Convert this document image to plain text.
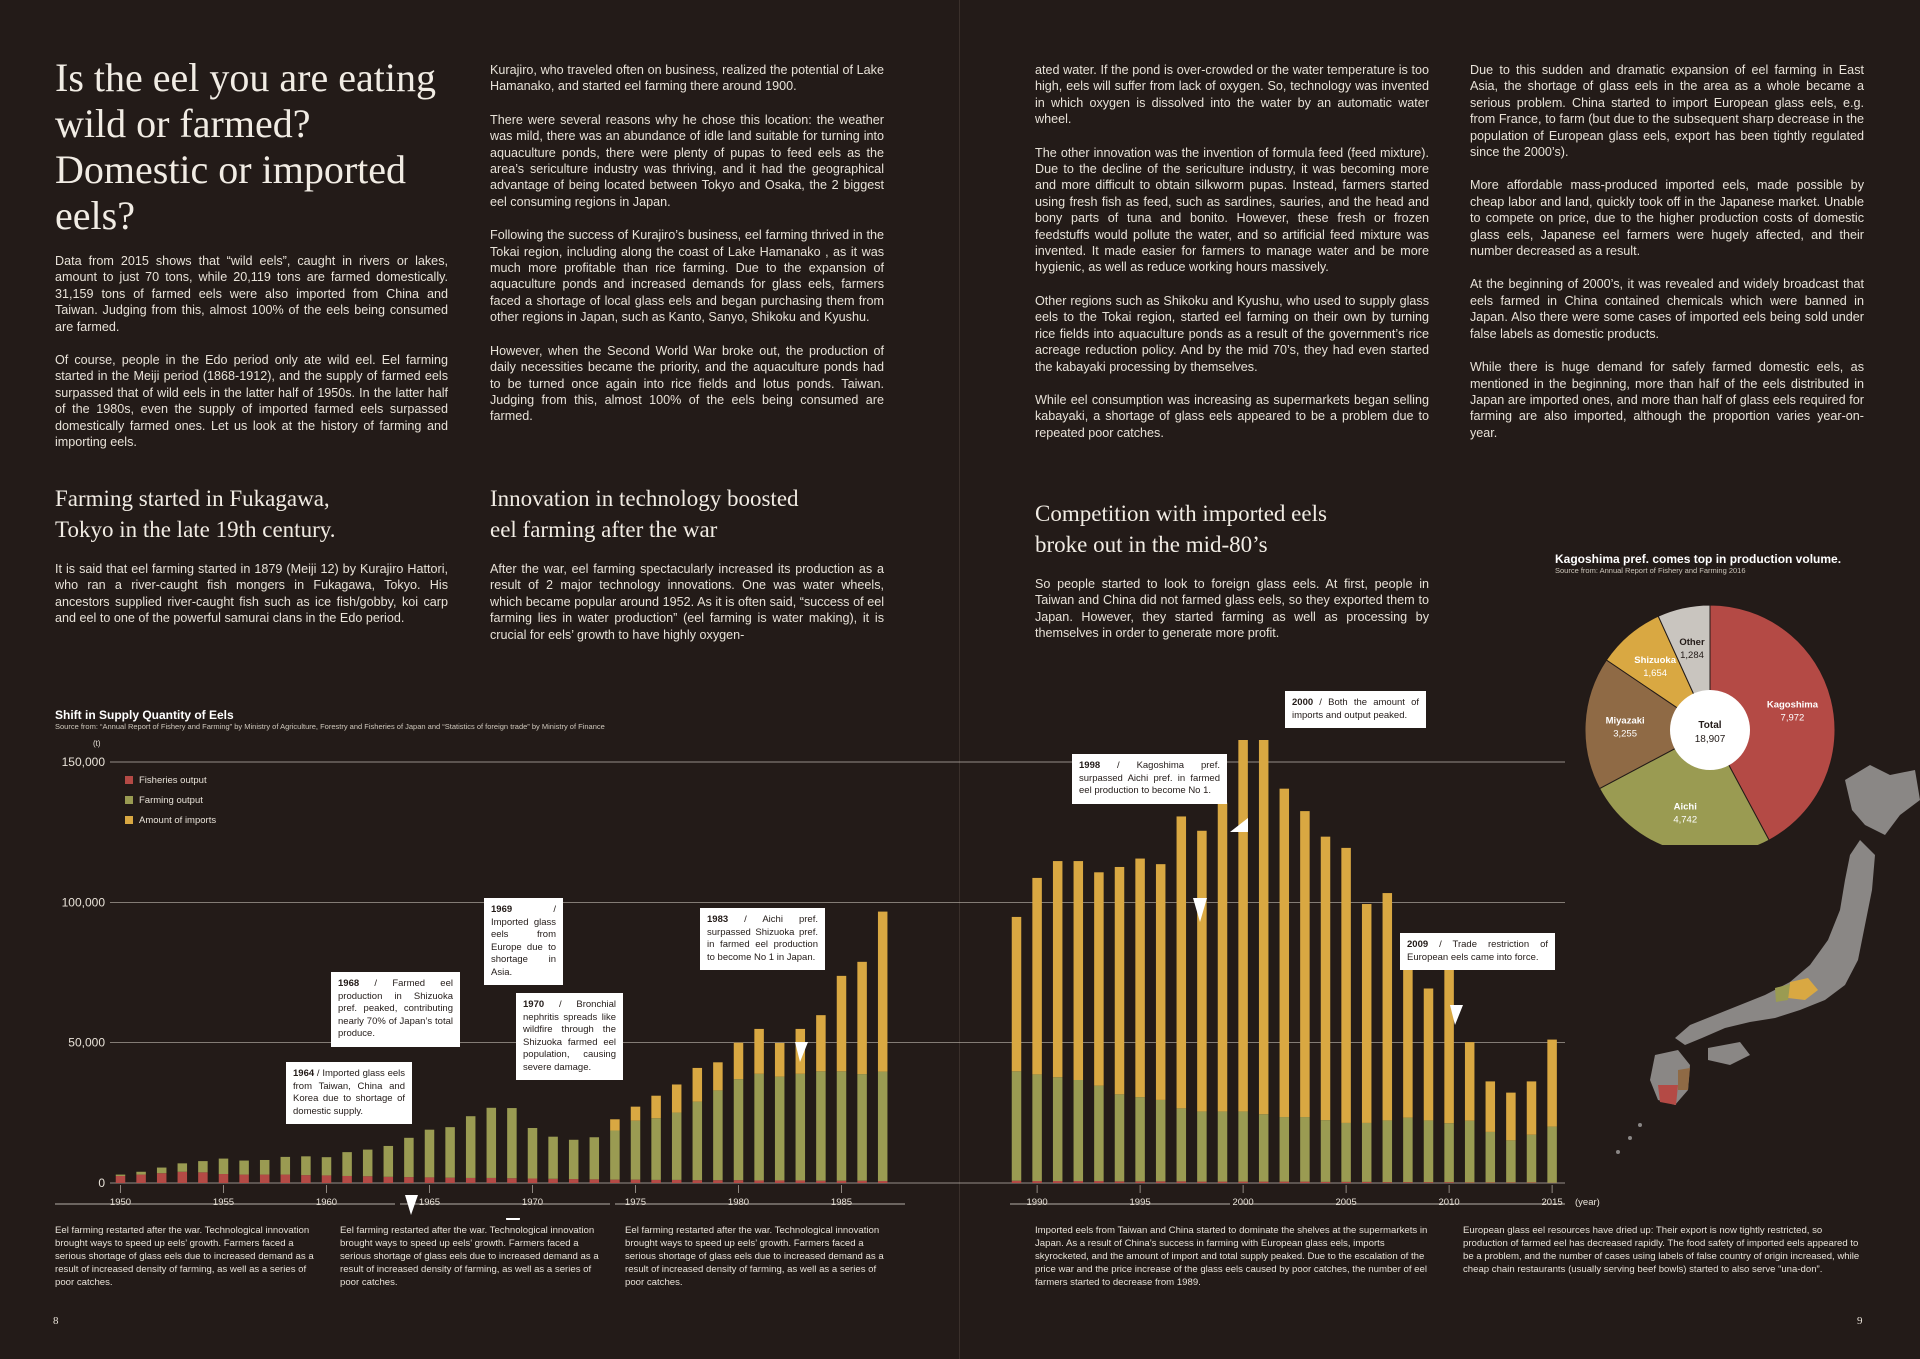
Is the eel you are eating wild or farmed? Domestic or imported eels?

Data from 2015 shows that “wild eels”, caught in rivers or lakes, amount to just 70 tons, while 20,119 tons are farmed domestically. 31,159 tons of farmed eels were also imported from China and Taiwan. Judging from this, almost 100% of the eels being consumed are farmed.

Of course, people in the Edo period only ate wild eel. Eel farming started in the Meiji period (1868-1912), and the supply of farmed eels surpassed that of wild eels in the latter half of 1950s. In the latter half of the 1980s, even the supply of imported farmed eels surpassed domestically farmed ones. Let us look at the history of farming and importing eels.

Farming started in Fukagawa, Tokyo in the late 19th century.

It is said that eel farming started in 1879 (Meiji 12) by Kurajiro Hattori, who ran a river-caught fish mongers in Fukagawa, Tokyo. His ancestors supplied river-caught fish such as ice fish/gobby, koi carp and eel to one of the powerful samurai clans in the Edo period.

Kurajiro, who traveled often on business, realized the potential of Lake Hamanako, and started eel farming there around 1900.

There were several reasons why he chose this location: the weather was mild, there was an abundance of idle land suitable for turning into aquaculture ponds, there were plenty of pupas to feed eels as the area’s sericulture industry was thriving, and it had the geographical advantage of being located between Tokyo and Osaka, the 2 biggest eel consuming regions in Japan.

Following the success of Kurajiro’s business, eel farming thrived in the Tokai region, including along the coast of Lake Hamanako , as it was much more profitable than rice farming. Due to the expansion of aquaculture ponds and increased demands for glass eels, farmers faced a shortage of local glass eels and began purchasing them from other regions in Japan, such as Kanto, Sanyo, Shikoku and Kyushu.

However, when the Second World War broke out, the production of daily necessities became the priority, and the aquaculture ponds had to be turned once again into rice fields and lotus ponds. Taiwan. Judging from this, almost 100% of the eels being consumed are farmed.

Innovation in technology boosted eel farming after the war

After the war, eel farming spectacularly increased its production as a result of 2 major technology innovations. One was water wheels, which became popular around 1952. As it is often said, “success of eel farming lies in water production” (eel farming is water making), it is crucial for eels’ growth to have highly oxygen-

ated water. If the pond is over-crowded or the water temperature is too high, eels will suffer from lack of oxygen. So, technology was invented in which oxygen is dissolved into the water by an automatic water wheel.

The other innovation was the invention of formula feed (feed mixture). Due to the decline of the sericulture industry, it was becoming more and more difficult to obtain silkworm pupas. Instead, farmers started using fresh fish as feed, such as sardines, sauries, and the head and bony parts of tuna and bonito. However, these fresh or frozen feedstuffs would pollute the water, and so artificial feed mixture was invented. It made easier for farmers to manage water and be more hygienic, as well as reduce working hours massively.

Other regions such as Shikoku and Kyushu, who used to supply glass eels to the Tokai region, started eel farming on their own by turning rice fields into aquaculture ponds as a result of the government’s rice acreage reduction policy. And by the mid 70’s, they had even started the kabayaki processing by themselves.

While eel consumption was increasing as supermarkets began selling kabayaki, a shortage of glass eels appeared to be a problem due to repeated poor catches.

Competition with imported eels broke out in the mid-80’s

So people started to look to foreign glass eels. At first, people in Taiwan and China did not farmed glass eels, so they exported them to Japan. However, they started farming as well as processing by themselves in order to generate more profit.

Due to this sudden and dramatic expansion of eel farming in East Asia, the shortage of glass eels in the area as a whole became a serious problem. China started to import European glass eels, e.g. from France, to farm (but due to the subsequent sharp decrease in the population of European glass eels, export has been tightly regulated since the 2000’s).

More affordable mass-produced imported eels, made possible by cheap labor and land, quickly took off in the Japanese market. Unable to compete on price, due to the higher production costs of domestic glass eels, Japanese eel farmers were hugely affected, and their number decreased as a result.

At the beginning of 2000’s, it was revealed and widely broadcast that eels farmed in China contained chemicals which were banned in Japan. Also there were some cases of imported eels being sold under false labels as domestic products.

While there is huge demand for safely farmed domestic eels, as mentioned in the beginning, more than half of the eels distributed in Japan are imported ones, and more than half of glass eels required for farming are also imported, although the proportion varies year-on-year.

Shift in Supply Quantity of Eels

Source from: “Annual Report of Fishery and Farming” by Ministry of Agriculture, Forestry and Fisheries of Japan and “Statistics of foreign trade” by Ministry of Finance

0
50,000
100,000
150,000
(t)
1950	1955	1960	1965	1970	1975	1980	1985	1990	1995	2000	2005	2010	2015 (year)
Fisheries output
Farming output
Amount of imports
1964 / Imported glass eels from Taiwan, China and Korea due to shortage of domestic supply.
1968 / Farmed eel production in Shizuoka pref. peaked, contributing nearly 70% of Japan’s total produce.
1969 / Imported glass eels from Europe due to shortage in Asia.
1970 / Bronchial nephritis spreads like wildfire through the Shizuoka farmed eel population, causing severe damage.
1983 / Aichi pref. surpassed Shizuoka pref. in farmed eel production to become No 1 in Japan.
1998 / Kagoshima pref. surpassed Aichi pref. in farmed eel production to become No 1.
2000 / Both the amount of imports and output peaked.
2009 / Trade restriction of European eels came into force.

Eel farming restarted after the war. Technological innovation brought ways to speed up eels’ growth. Farmers faced a serious shortage of glass eels due to increased demand as a result of increased density of farming, as well as a series of poor catches.

Eel farming restarted after the war. Technological innovation brought ways to speed up eels’ growth. Farmers faced a serious shortage of glass eels due to increased demand as a result of increased density of farming, as well as a series of poor catches.

Eel farming restarted after the war. Technological innovation brought ways to speed up eels’ growth. Farmers faced a serious shortage of glass eels due to increased demand as a result of increased density of farming, as well as a series of poor catches.

Imported eels from Taiwan and China started to dominate the shelves at the supermarkets in Japan. As a result of China’s success in farming with European glass eels, imports skyrocketed, and the amount of import and total supply peaked. Due to the escalation of the price war and the price increase of the glass eels caused by poor catches, the number of eel farmers started to decrease from 1989.

European glass eel resources have dried up: Their export is now tightly restricted, so production of farmed eel has decreased rapidly. The food safety of imported eels appeared to be a problem, and the number of cases using labels of false country of origin increased, while cheap chain restaurants (usually serving beef bowls) started to also serve “una-don”.

Kagoshima pref. comes top in production volume.

Source from: Annual Report of Fishery and Farming 2016

Kagoshima
7,972
Aichi
4,742
Miyazaki
3,255
Shizuoka
1,654
Other
1,284
Total
18,907
8	9
